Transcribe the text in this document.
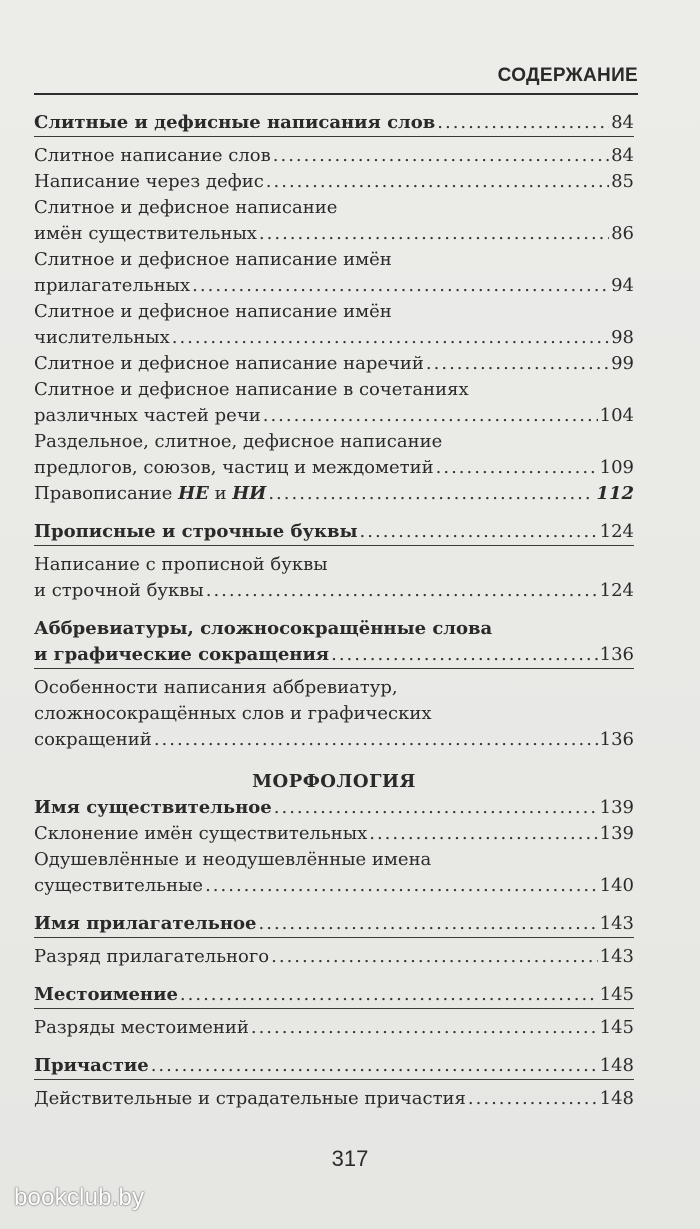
СОДЕРЖАНИЕ
Слитные и дефисные написания слов .....	84
Слитное написание слов .....	84
Написание через дефис .....	85
Слитное и дефисное написание
имён существительных .....	86
Слитное и дефисное написание имён
прилагательных .....	94
Слитное и дефисное написание имён
числительных .....	98
Слитное и дефисное написание наречий .....	99
Слитное и дефисное написание в сочетаниях
различных частей речи .....	104
Раздельное, слитное, дефисное написание
предлогов, союзов, частиц и междометий .....	109
Правописание НЕ и НИ .....	112
Прописные и строчные буквы .....	124
Написание с прописной буквы
и строчной буквы .....	124
Аббревиатуры, сложносокращённые слова
и графические сокращения .....	136
Особенности написания аббревиатур,
сложносокращённых слов и графических
сокращений .....	136
МОРФОЛОГИЯ
Имя существительное .....	139
Склонение имён существительных .....	139
Одушевлённые и неодушевлённые имена
существительные .....	140
Имя прилагательное .....	143
Разряд прилагательного .....	143
Местоимение .....	145
Разряды местоимений .....	145
Причастие .....	148
Действительные и страдательные причастия .....	148
317
bookclub.by
